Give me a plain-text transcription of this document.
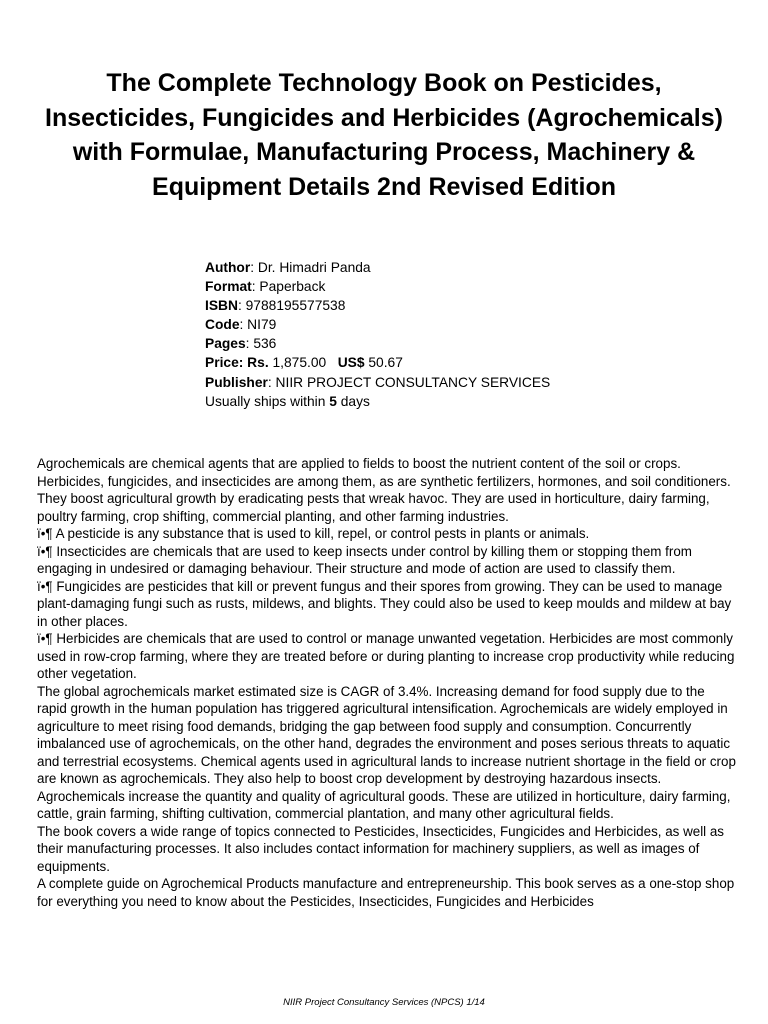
The Complete Technology Book on Pesticides, Insecticides, Fungicides and Herbicides (Agrochemicals) with Formulae, Manufacturing Process, Machinery & Equipment Details 2nd Revised Edition
Author: Dr. Himadri Panda
Format: Paperback
ISBN: 9788195577538
Code: NI79
Pages: 536
Price: Rs. 1,875.00 US$ 50.67
Publisher: NIIR PROJECT CONSULTANCY SERVICES
Usually ships within 5 days

Agrochemicals are chemical agents that are applied to fields to boost the nutrient content of the soil or crops. Herbicides, fungicides, and insecticides are among them, as are synthetic fertilizers, hormones, and soil conditioners. They boost agricultural growth by eradicating pests that wreak havoc. They are used in horticulture, dairy farming, poultry farming, crop shifting, commercial planting, and other farming industries.

ï•¶ A pesticide is any substance that is used to kill, repel, or control pests in plants or animals.

ï•¶ Insecticides are chemicals that are used to keep insects under control by killing them or stopping them from engaging in undesired or damaging behaviour. Their structure and mode of action are used to classify them.

ï•¶ Fungicides are pesticides that kill or prevent fungus and their spores from growing. They can be used to manage plant-damaging fungi such as rusts, mildews, and blights. They could also be used to keep moulds and mildew at bay in other places.

ï•¶ Herbicides are chemicals that are used to control or manage unwanted vegetation. Herbicides are most commonly used in row-crop farming, where they are treated before or during planting to increase crop productivity while reducing other vegetation.

The global agrochemicals market estimated size is CAGR of 3.4%. Increasing demand for food supply due to the rapid growth in the human population has triggered agricultural intensification. Agrochemicals are widely employed in agriculture to meet rising food demands, bridging the gap between food supply and consumption. Concurrently imbalanced use of agrochemicals, on the other hand, degrades the environment and poses serious threats to aquatic and terrestrial ecosystems. Chemical agents used in agricultural lands to increase nutrient shortage in the field or crop are known as agrochemicals. They also help to boost crop development by destroying hazardous insects. Agrochemicals increase the quantity and quality of agricultural goods. These are utilized in horticulture, dairy farming, cattle, grain farming, shifting cultivation, commercial plantation, and many other agricultural fields.

The book covers a wide range of topics connected to Pesticides, Insecticides, Fungicides and Herbicides, as well as their manufacturing processes. It also includes contact information for machinery suppliers, as well as images of equipments.

A complete guide on Agrochemical Products manufacture and entrepreneurship. This book serves as a one-stop shop for everything you need to know about the Pesticides, Insecticides, Fungicides and Herbicides

NIIR Project Consultancy Services (NPCS) 1/14
